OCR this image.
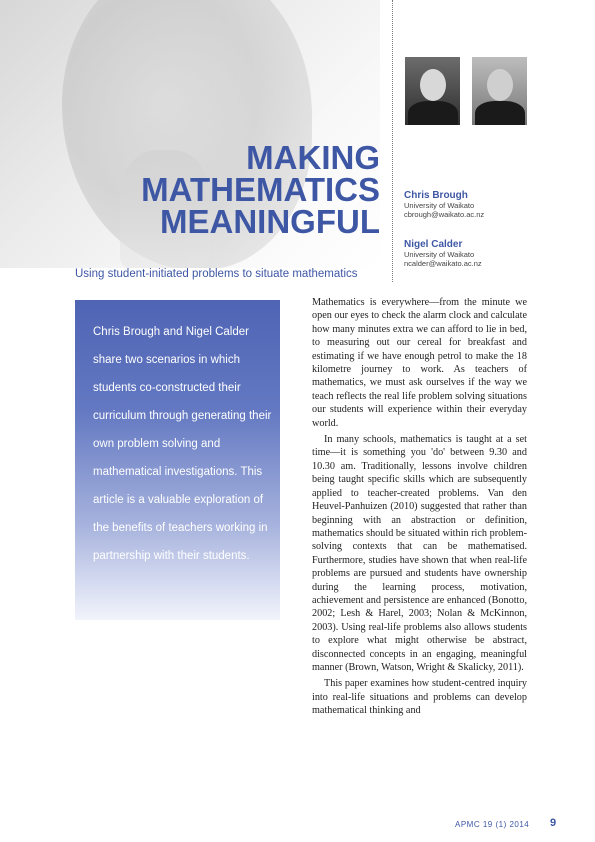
MAKING
MATHEMATICS
MEANINGFUL
Using student-initiated problems to situate mathematics
Chris Brough
University of Waikato
cbrough@waikato.ac.nz
Nigel Calder
University of Waikato
ncalder@waikato.ac.nz
Chris Brough and Nigel Calder share two scenarios in which students co-constructed their curriculum through generating their own problem solving and mathematical investigations. This article is a valuable exploration of the benefits of teachers working in partnership with their students.

Mathematics is everywhere—from the minute we open our eyes to check the alarm clock and calculate how many minutes extra we can afford to lie in bed, to measuring out our cereal for breakfast and estimating if we have enough petrol to make the 18 kilometre journey to work. As teachers of mathematics, we must ask ourselves if the way we teach reflects the real life problem solving situations our students will experience within their everyday world.

In many schools, mathematics is taught at a set time—it is something you 'do' between 9.30 and 10.30 am. Traditionally, lessons involve children being taught specific skills which are subsequently applied to teacher-created problems. Van den Heuvel-Panhuizen (2010) suggested that rather than beginning with an abstraction or definition, mathematics should be situated within rich problem-solving contexts that can be mathematised. Furthermore, studies have shown that when real-life problems are pursued and students have ownership during the learning process, motivation, achievement and persistence are enhanced (Bonotto, 2002; Lesh & Harel, 2003; Nolan & McKinnon, 2003). Using real-life problems also allows students to explore what might otherwise be abstract, disconnected concepts in an engaging, meaningful manner (Brown, Watson, Wright & Skalicky, 2011).

This paper examines how student-centred inquiry into real-life situations and problems can develop mathematical thinking and

APMC 19 (1) 2014 9
